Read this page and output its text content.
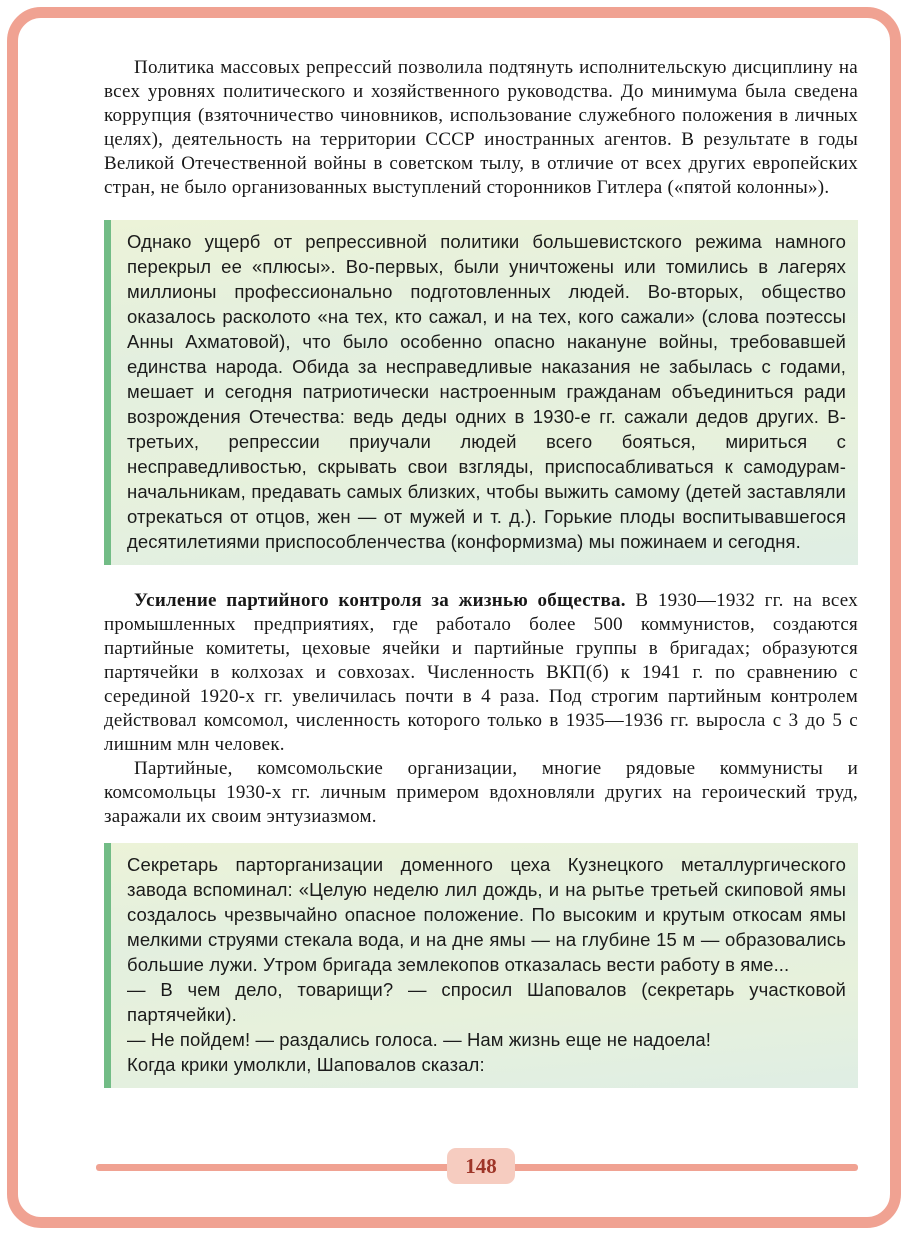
Политика массовых репрессий позволила подтянуть исполнительскую дисциплину на всех уровнях политического и хозяйственного руководства. До минимума была сведена коррупция (взяточничество чиновников, использование служебного положения в личных целях), деятельность на территории СССР иностранных агентов. В результате в годы Великой Отечественной войны в советском тылу, в отличие от всех других европейских стран, не было организованных выступлений сторонников Гитлера («пятой колонны»).

Однако ущерб от репрессивной политики большевистского режима намного перекрыл ее «плюсы». Во-первых, были уничтожены или томились в лагерях миллионы профессионально подготовленных людей. Во-вторых, общество оказалось расколото «на тех, кто сажал, и на тех, кого сажали» (слова поэтессы Анны Ахматовой), что было особенно опасно накануне войны, требовавшей единства народа. Обида за несправедливые наказания не забылась с годами, мешает и сегодня патриотически настроенным гражданам объединиться ради возрождения Отечества: ведь деды одних в 1930-е гг. сажали дедов других. В-третьих, репрессии приучали людей всего бояться, мириться с несправедливостью, скрывать свои взгляды, приспосабливаться к самодурам-начальникам, предавать самых близких, чтобы выжить самому (детей заставляли отрекаться от отцов, жен — от мужей и т. д.). Горькие плоды воспитывавшегося десятилетиями приспособленчества (конформизма) мы пожинаем и сегодня.

Усиление партийного контроля за жизнью общества. В 1930—1932 гг. на всех промышленных предприятиях, где работало более 500 коммунистов, создаются партийные комитеты, цеховые ячейки и партийные группы в бригадах; образуются партячейки в колхозах и совхозах. Численность ВКП(б) к 1941 г. по сравнению с серединой 1920-х гг. увеличилась почти в 4 раза. Под строгим партийным контролем действовал комсомол, численность которого только в 1935—1936 гг. выросла с 3 до 5 с лишним млн человек.

Партийные, комсомольские организации, многие рядовые коммунисты и комсомольцы 1930-х гг. личным примером вдохновляли других на героический труд, заражали их своим энтузиазмом.

Секретарь парторганизации доменного цеха Кузнецкого металлургического завода вспоминал: «Целую неделю лил дождь, и на рытье третьей скиповой ямы создалось чрезвычайно опасное положение. По высоким и крутым откосам ямы мелкими струями стекала вода, и на дне ямы — на глубине 15 м — образовались большие лужи. Утром бригада землекопов отказалась вести работу в яме...

— В чем дело, товарищи? — спросил Шаповалов (секретарь участковой партячейки).

— Не пойдем! — раздались голоса. — Нам жизнь еще не надоела!

Когда крики умолкли, Шаповалов сказал:

148
